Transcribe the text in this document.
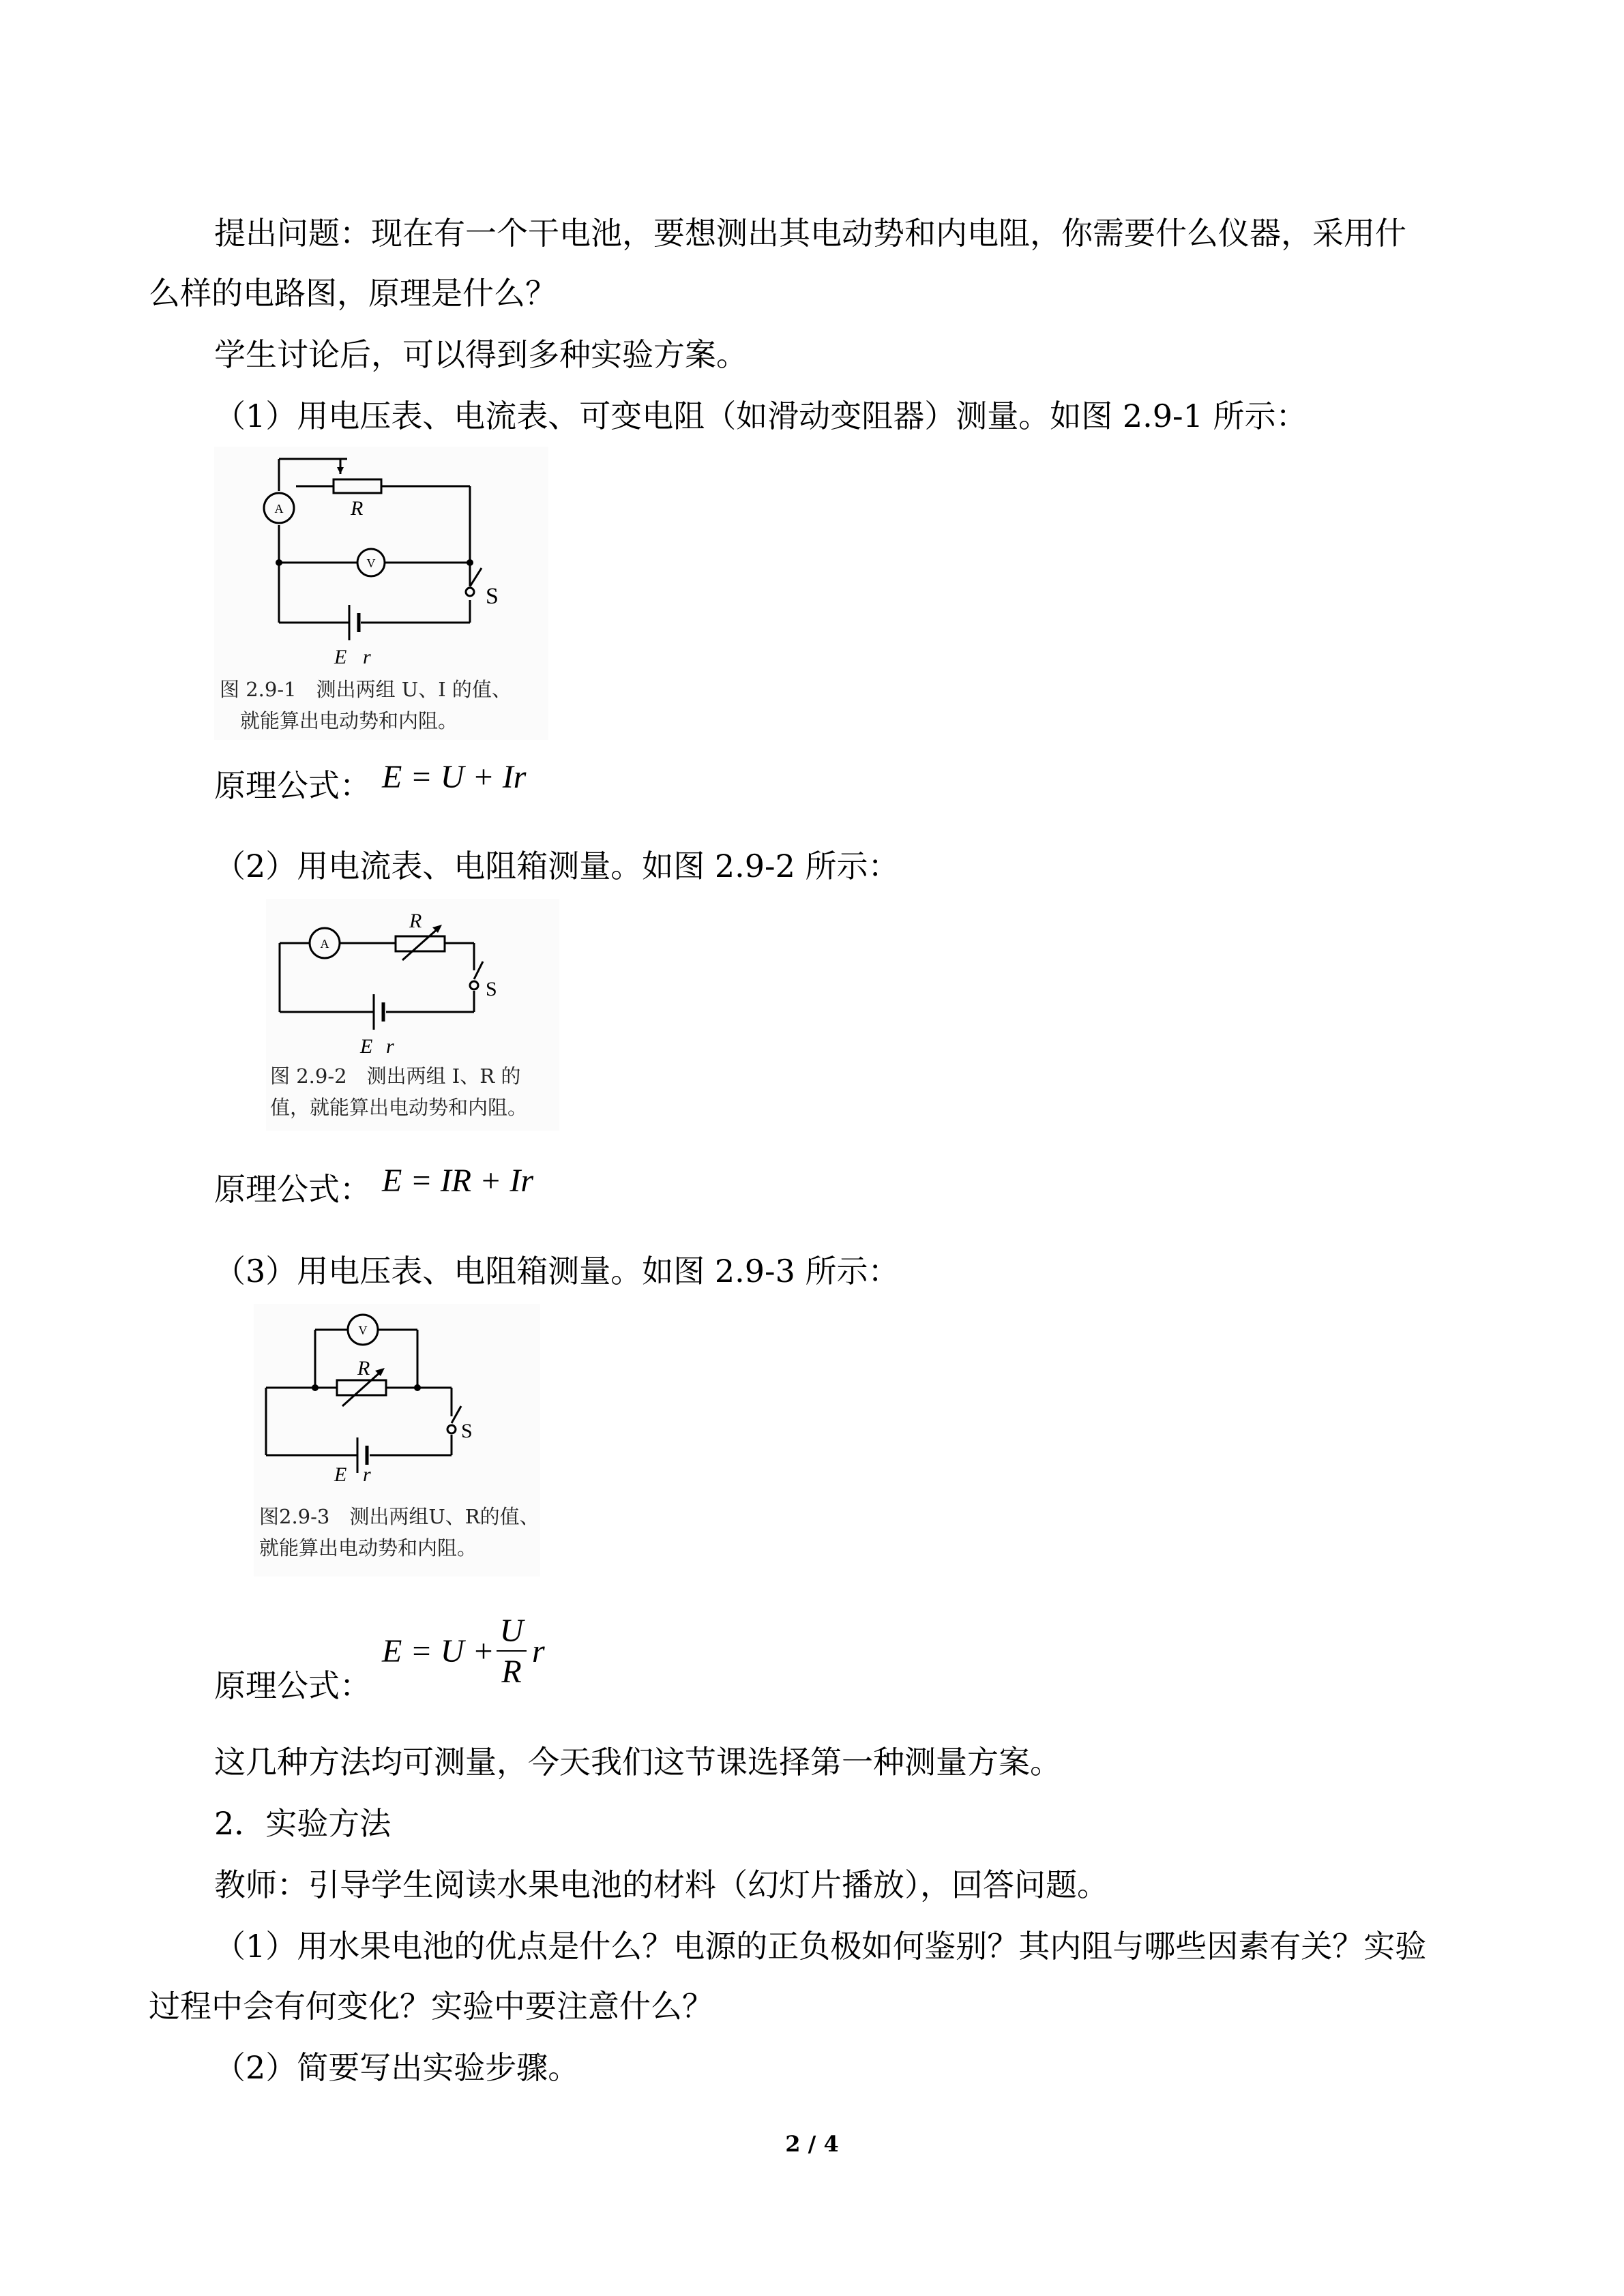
提出问题：现在有一个干电池，要想测出其电动势和内电阻，你需要什么仪器，采用什
么样的电路图，原理是什么？
学生讨论后，可以得到多种实验方案。
（1）用电压表、电流表、可变电阻（如滑动变阻器）测量。如图 2.9-1 所示：
A
V
R
S
E r
图 2.9-1　测出两组 U、I 的值、
就能算出电动势和内阻。
原理公式： E = U + Ir
（2）用电流表、电阻箱测量。如图 2.9-2 所示：
A
R
S
E r
图 2.9-2　测出两组 I、R 的
值，就能算出电动势和内阻。
原理公式： E = IR + Ir
（3）用电压表、电阻箱测量。如图 2.9-3 所示：
V
R
S
E r
图2.9-3　测出两组U、R的值、
就能算出电动势和内阻。
原理公式：
E = U +
U
R
r
这几种方法均可测量，今天我们这节课选择第一种测量方案。
2．实验方法
教师：引导学生阅读水果电池的材料（幻灯片播放），回答问题。
（1）用水果电池的优点是什么？电源的正负极如何鉴别？其内阻与哪些因素有关？实验
过程中会有何变化？实验中要注意什么？
（2）简要写出实验步骤。
2 / 4
